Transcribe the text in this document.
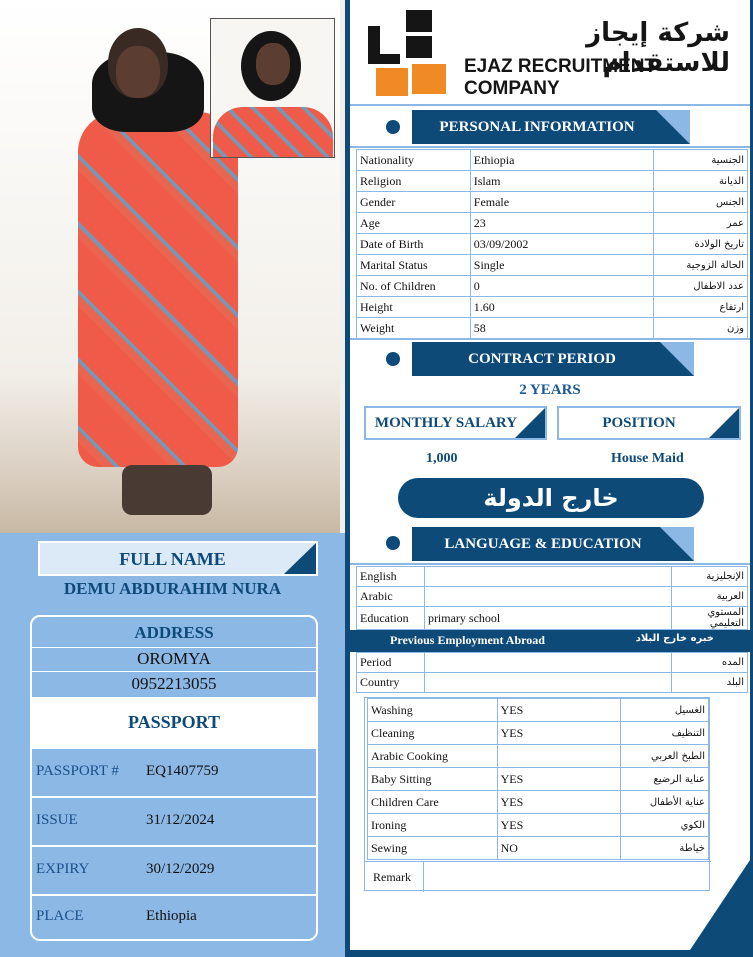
FULL NAME
DEMU ABDURAHIM NURA
ADDRESS
OROMYA
0952213055
PASSPORT
PASSPORT # EQ1407759
ISSUE	31/12/2024
EXPIRY	30/12/2029
PLACE	Ethiopia
شركة إيجاز للاستقدام
EJAZ RECRUITMENT COMPANY
PERSONAL INFORMATION
Nationality	Ethiopia	الجنسية
Religion	Islam	الديانة
Gender	Female	الجنس
Age	23	عمر
Date of Birth	03/09/2002	تاريخ الولادة
Marital Status	Single	الحالة الزوجية
No. of Children	0	عدد الاطفال
Height	1.60	ارتفاع
Weight	58	وزن
CONTRACT PERIOD
2 YEARS
MONTHLY SALARY	POSITION
1,000	House Maid
خارج الدولة
LANGUAGE & EDUCATION
English		الإنجليزية
Arabic		العربية
Education	primary school	المستوي التعليمي
Previous Employment Abroad	خبره خارج البلاد
Period		المده
Country		البلد
Washing	YES	الغسيل
Cleaning	YES	التنظيف
Arabic Cooking		الطبخ العربي
Baby Sitting	YES	عناية الرضيع
Children Care	YES	عناية الأطفال
Ironing	YES	الكوي
Sewing	NO	خياطة
Remark
